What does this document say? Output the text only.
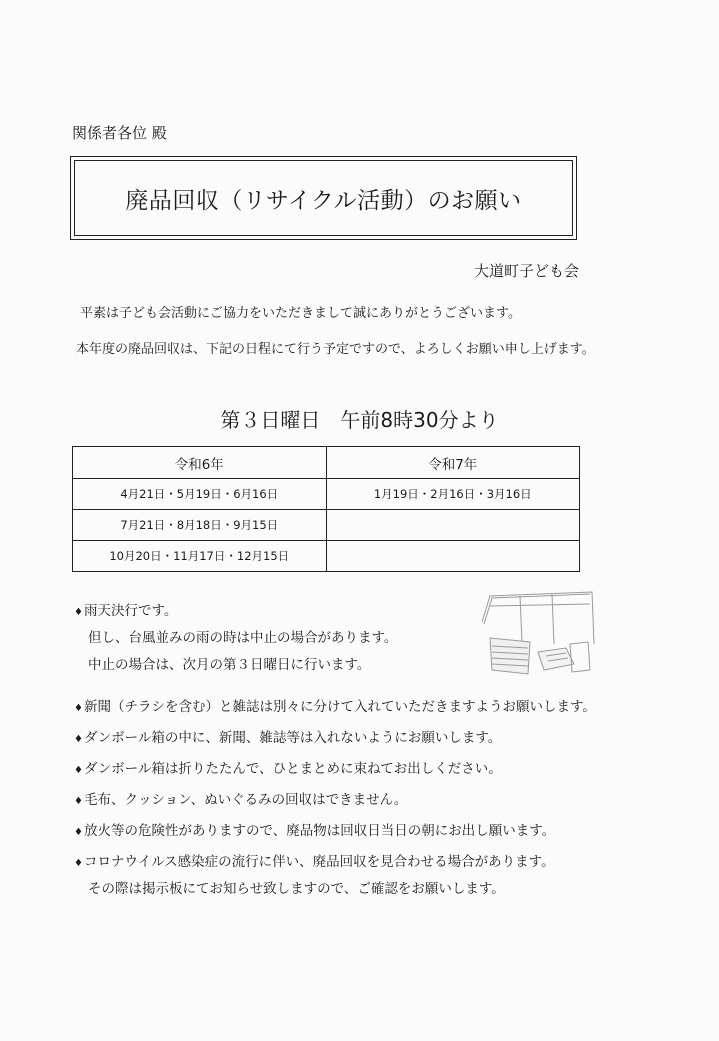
関係者各位 殿
廃品回収（リサイクル活動）のお願い
大道町子ども会
平素は子ども会活動にご協力をいただきまして誠にありがとうございます。
本年度の廃品回収は、下記の日程にて行う予定ですので、よろしくお願い申し上げます。
第３日曜日　午前8時30分より
令和6年	令和7年
4月21日・5月19日・6月16日	1月19日・2月16日・3月16日
7月21日・8月18日・9月15日	
10月20日・11月17日・12月15日	
♦雨天決行です。
但し、台風並みの雨の時は中止の場合があります。
中止の場合は、次月の第３日曜日に行います。
♦新聞（チラシを含む）と雑誌は別々に分けて入れていただきますようお願いします。
♦ダンボール箱の中に、新聞、雑誌等は入れないようにお願いします。
♦ダンボール箱は折りたたんで、ひとまとめに束ねてお出しください。
♦毛布、クッション、ぬいぐるみの回収はできません。
♦放火等の危険性がありますので、廃品物は回収日当日の朝にお出し願います。
♦コロナウイルス感染症の流行に伴い、廃品回収を見合わせる場合があります。
その際は掲示板にてお知らせ致しますので、ご確認をお願いします。
